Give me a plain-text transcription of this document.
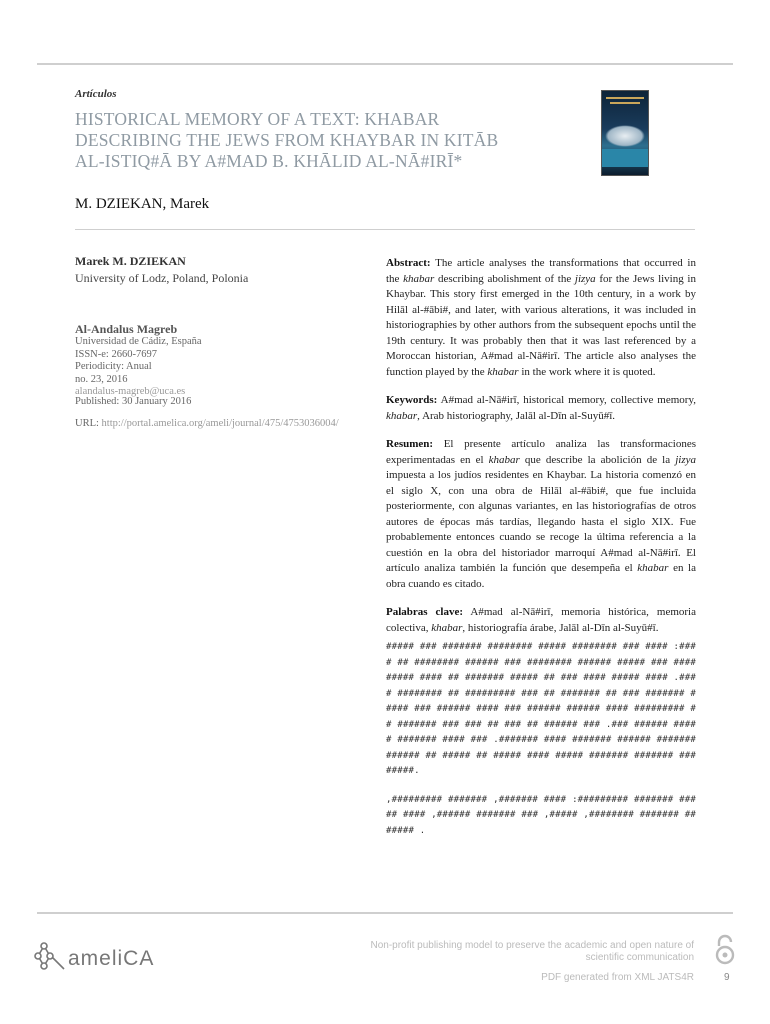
Artículos
HISTORICAL MEMORY OF A TEXT: KHABAR
DESCRIBING THE JEWS FROM KHAYBAR IN KITĀB
AL-ISTIQ#Ā BY A#MAD B. KHĀLID AL-NĀ#IRĪ*
M. DZIEKAN, Marek
Marek M. DZIEKAN
University of Lodz, Poland, Polonia
Al-Andalus Magreb
Universidad de Cádiz, España
ISSN-e: 2660-7697
Periodicity: Anual
no. 23, 2016
alandalus-magreb@uca.es
Published: 30 January 2016
URL: http://portal.amelica.org/ameli/journal/475/4753036004/

Abstract: The article analyses the transformations that occurred in the khabar describing abolishment of the jizya for the Jews living in Khaybar. This story first emerged in the 10th century, in a work by Hilāl al-#ābi#, and later, with various alterations, it was included in historiographies by other authors from the subsequent epochs until the 19th century. It was probably then that it was last referenced by a Moroccan historian, A#mad al-Nā#irī. The article also analyses the function played by the khabar in the work where it is quoted.

Keywords: A#mad al-Nā#irī, historical memory, collective memory, khabar, Arab historiography, Jalāl al-Dīn al-Suyū#ī.

Resumen: El presente artículo analiza las transformaciones experimentadas en el khabar que describe la abolición de la jizya impuesta a los judíos residentes en Khaybar. La historia comenzó en el siglo X, con una obra de Hilāl al-#ābi#, que fue incluida posteriormente, con algunas variantes, en las historiografías de otros autores de épocas más tardías, llegando hasta el siglo XIX. Fue probablemente entonces cuando se recoge la última referencia a la cuestión en la obra del historiador marroquí A#mad al-Nā#irī. El artículo analiza también la función que desempeña el khabar en la obra cuando es citado.

Palabras clave: A#mad al-Nā#irī, memoria histórica, memoria colectiva, khabar, historiografía árabe, Jalāl al-Dīn al-Suyū#ī.

##### ### ####### ######## ##### ######## ### #### :#### ## ######## ###### ### ######## ###### ##### ### #### ##### #### ## ####### ##### ## ### #### ##### #### .#### ######## ## ######### ### ## ####### ## ### ####### ##### ### ###### #### ### ###### ###### #### ######### ## ####### ### ### ## ### ## ###### ### .### ###### ##### ####### #### ### .####### #### ####### ###### ####### ###### ## ##### ## ##### #### ##### ####### ####### ### #####.
,######### ####### ,####### #### :######### ####### ##### #### ,###### ####### ### ,##### ,######## ####### ####### .
ameliCA
Non-profit publishing model to preserve the academic and open nature of scientific communication
PDF generated from XML JATS4R	9
